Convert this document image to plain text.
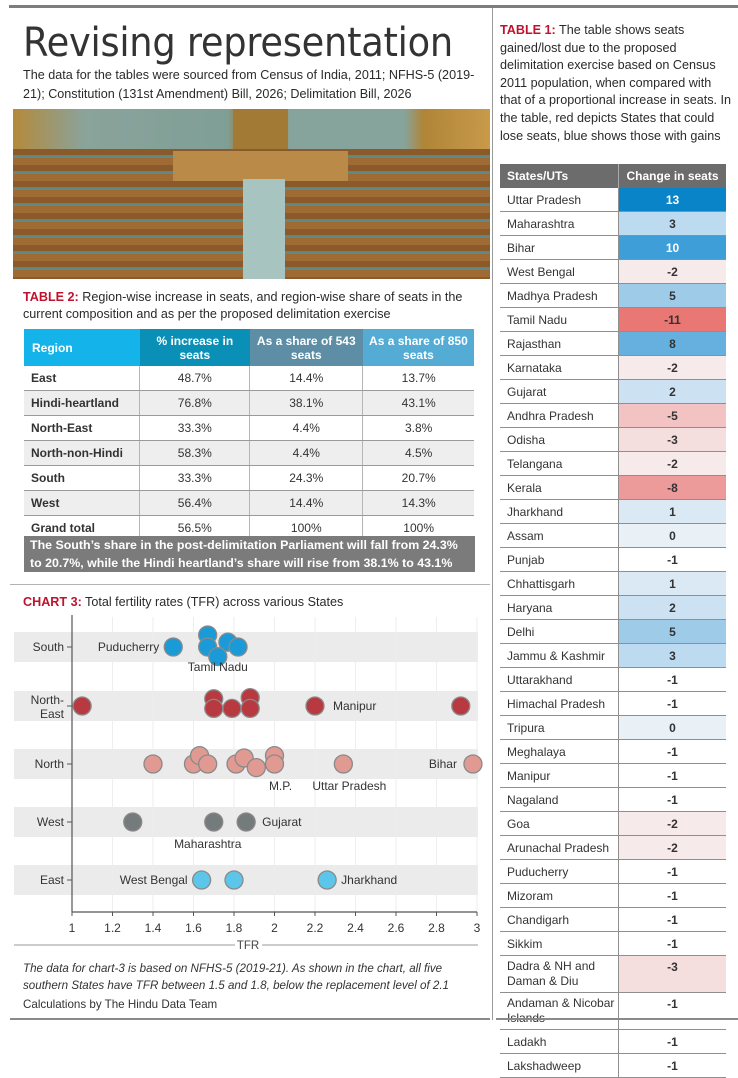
Revising representation
The data for the tables were sourced from Census of India, 2011; NFHS-5 (2019-21); Constitution (131st Amendment) Bill, 2026; Delimitation Bill, 2026
TABLE 2: Region-wise increase in seats, and region-wise share of seats in the current composition and as per the proposed delimitation exercise
Region	% increase in seats	As a share of 543 seats	As a share of 850 seats
East	48.7%	14.4%	13.7%
Hindi-heartland	76.8%	38.1%	43.1%
North-East	33.3%	4.4%	3.8%
North-non-Hindi	58.3%	4.4%	4.5%
South	33.3%	24.3%	20.7%
West	56.4%	14.4%	14.3%
Grand total	56.5%	100%	100%
The South’s share in the post-delimitation Parliament will fall from 24.3% to 20.7%, while the Hindi heartland’s share will rise from 38.1% to 43.1%
CHART 3: Total fertility rates (TFR) across various States
1 1.2 1.4 1.6 1.8 2 2.2 2.4 2.6 2.8 3
TFR
South
North-
East
North
West
East
Puducherry
Tamil Nadu
Manipur
M.P. Uttar Pradesh
Bihar
Maharashtra
Gujarat
West Bengal	Jharkhand
The data for chart-3 is based on NFHS-5 (2019-21). As shown in the chart, all five southern States have TFR between 1.5 and 1.8, below the replacement level of 2.1
Calculations by The Hindu Data Team
TABLE 1: The table shows seats gained/lost due to the proposed delimitation exercise based on Census 2011 population, when compared with that of a proportional increase in seats. In the table, red depicts States that could lose seats, blue shows those with gains
States/UTs	Change in seats
Uttar Pradesh	13
Maharashtra	3
Bihar	10
West Bengal	-2
Madhya Pradesh	5
Tamil Nadu	-11
Rajasthan	8
Karnataka	-2
Gujarat	2
Andhra Pradesh	-5
Odisha	-3
Telangana	-2
Kerala	-8
Jharkhand	1
Assam	0
Punjab	-1
Chhattisgarh	1
Haryana	2
Delhi	5
Jammu & Kashmir	3
Uttarakhand	-1
Himachal Pradesh	-1
Tripura	0
Meghalaya	-1
Manipur	-1
Nagaland	-1
Goa	-2
Arunachal Pradesh	-2
Puducherry	-1
Mizoram	-1
Chandigarh	-1
Sikkim	-1
Dadra & NH and Daman & Diu	-3
Andaman & Nicobar	-1
Ladakh	-1
Lakshadweep	-1
